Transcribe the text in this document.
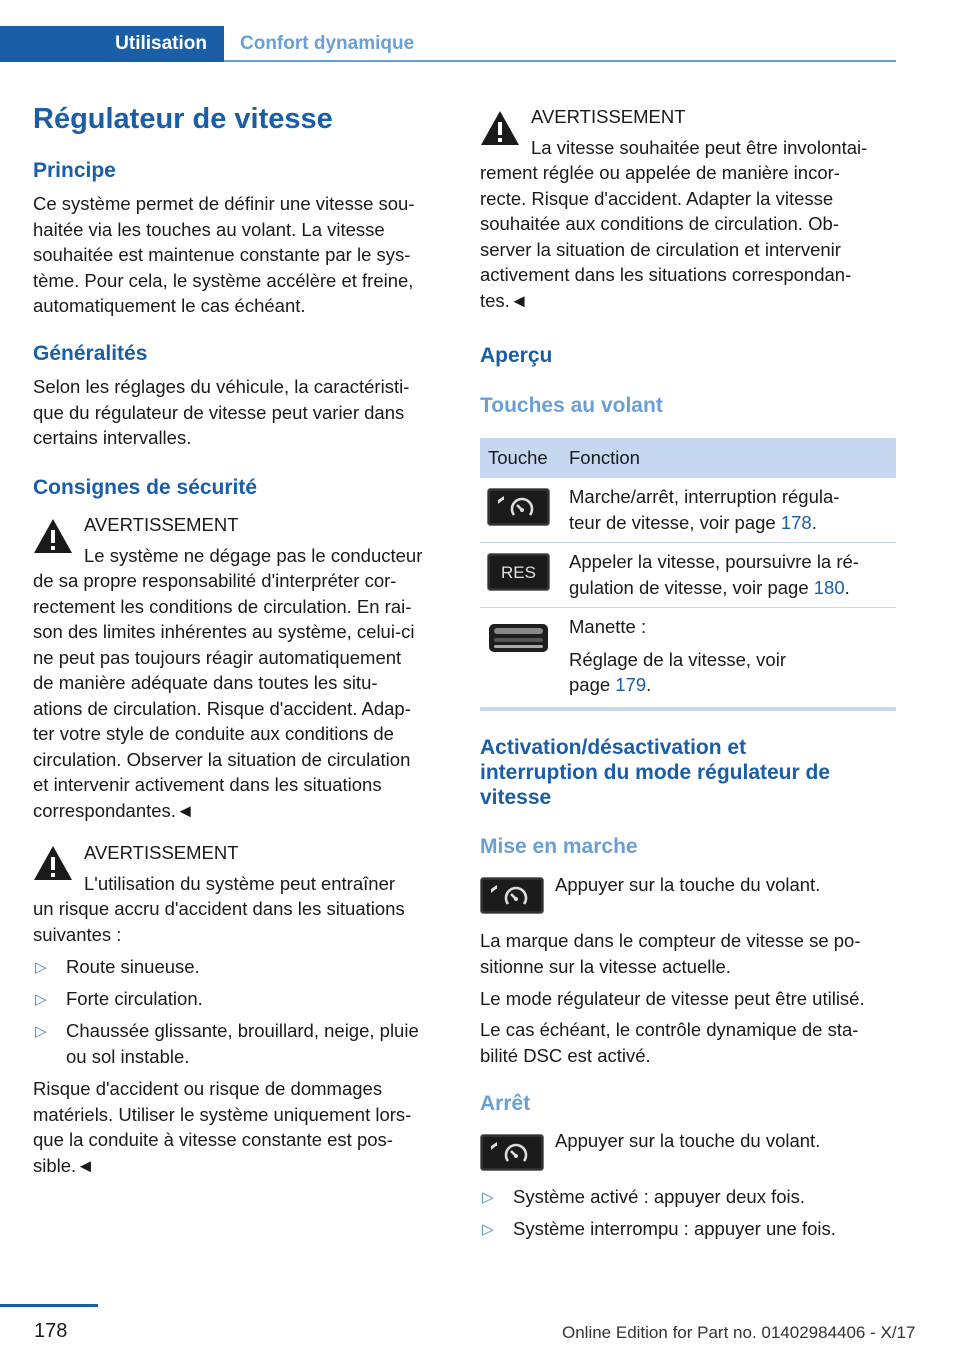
Utilisation	Confort dynamique
Régulateur de vitesse
Principe
Ce système permet de définir une vitesse sou-
haitée via les touches au volant. La vitesse
souhaitée est maintenue constante par le sys-
tème. Pour cela, le système accélère et freine,
automatiquement le cas échéant.
Généralités
Selon les réglages du véhicule, la caractéristi-
que du régulateur de vitesse peut varier dans
certains intervalles.
Consignes de sécurité
AVERTISSEMENT
Le système ne dégage pas le conducteur
de sa propre responsabilité d'interpréter cor-
rectement les conditions de circulation. En rai-
son des limites inhérentes au système, celui-ci
ne peut pas toujours réagir automatiquement
de manière adéquate dans toutes les situ-
ations de circulation. Risque d'accident. Adap-
ter votre style de conduite aux conditions de
circulation. Observer la situation de circulation
et intervenir activement dans les situations
correspondantes.◄
AVERTISSEMENT
L'utilisation du système peut entraîner
un risque accru d'accident dans les situations
suivantes :
▷ Route sinueuse.
▷ Forte circulation.
▷ Chaussée glissante, brouillard, neige, pluie
ou sol instable.
Risque d'accident ou risque de dommages
matériels. Utiliser le système uniquement lors-
que la conduite à vitesse constante est pos-
sible.◄
AVERTISSEMENT
La vitesse souhaitée peut être involontai-
rement réglée ou appelée de manière incor-
recte. Risque d'accident. Adapter la vitesse
souhaitée aux conditions de circulation. Ob-
server la situation de circulation et intervenir
activement dans les situations correspondan-
tes.◄
Aperçu
Touches au volant
Touche Fonction
Marche/arrêt, interruption régula-
teur de vitesse, voir page 178.
RES
Appeler la vitesse, poursuivre la ré-
gulation de vitesse, voir page 180.
Manette :
Réglage de la vitesse, voir
page 179.
Activation/désactivation et
interruption du mode régulateur de
vitesse
Mise en marche
Appuyer sur la touche du volant.
La marque dans le compteur de vitesse se po-
sitionne sur la vitesse actuelle.
Le mode régulateur de vitesse peut être utilisé.
Le cas échéant, le contrôle dynamique de sta-
bilité DSC est activé.
Arrêt
Appuyer sur la touche du volant.
▷ Système activé : appuyer deux fois.
▷ Système interrompu : appuyer une fois.
178	Online Edition for Part no. 01402984406 - X/17
